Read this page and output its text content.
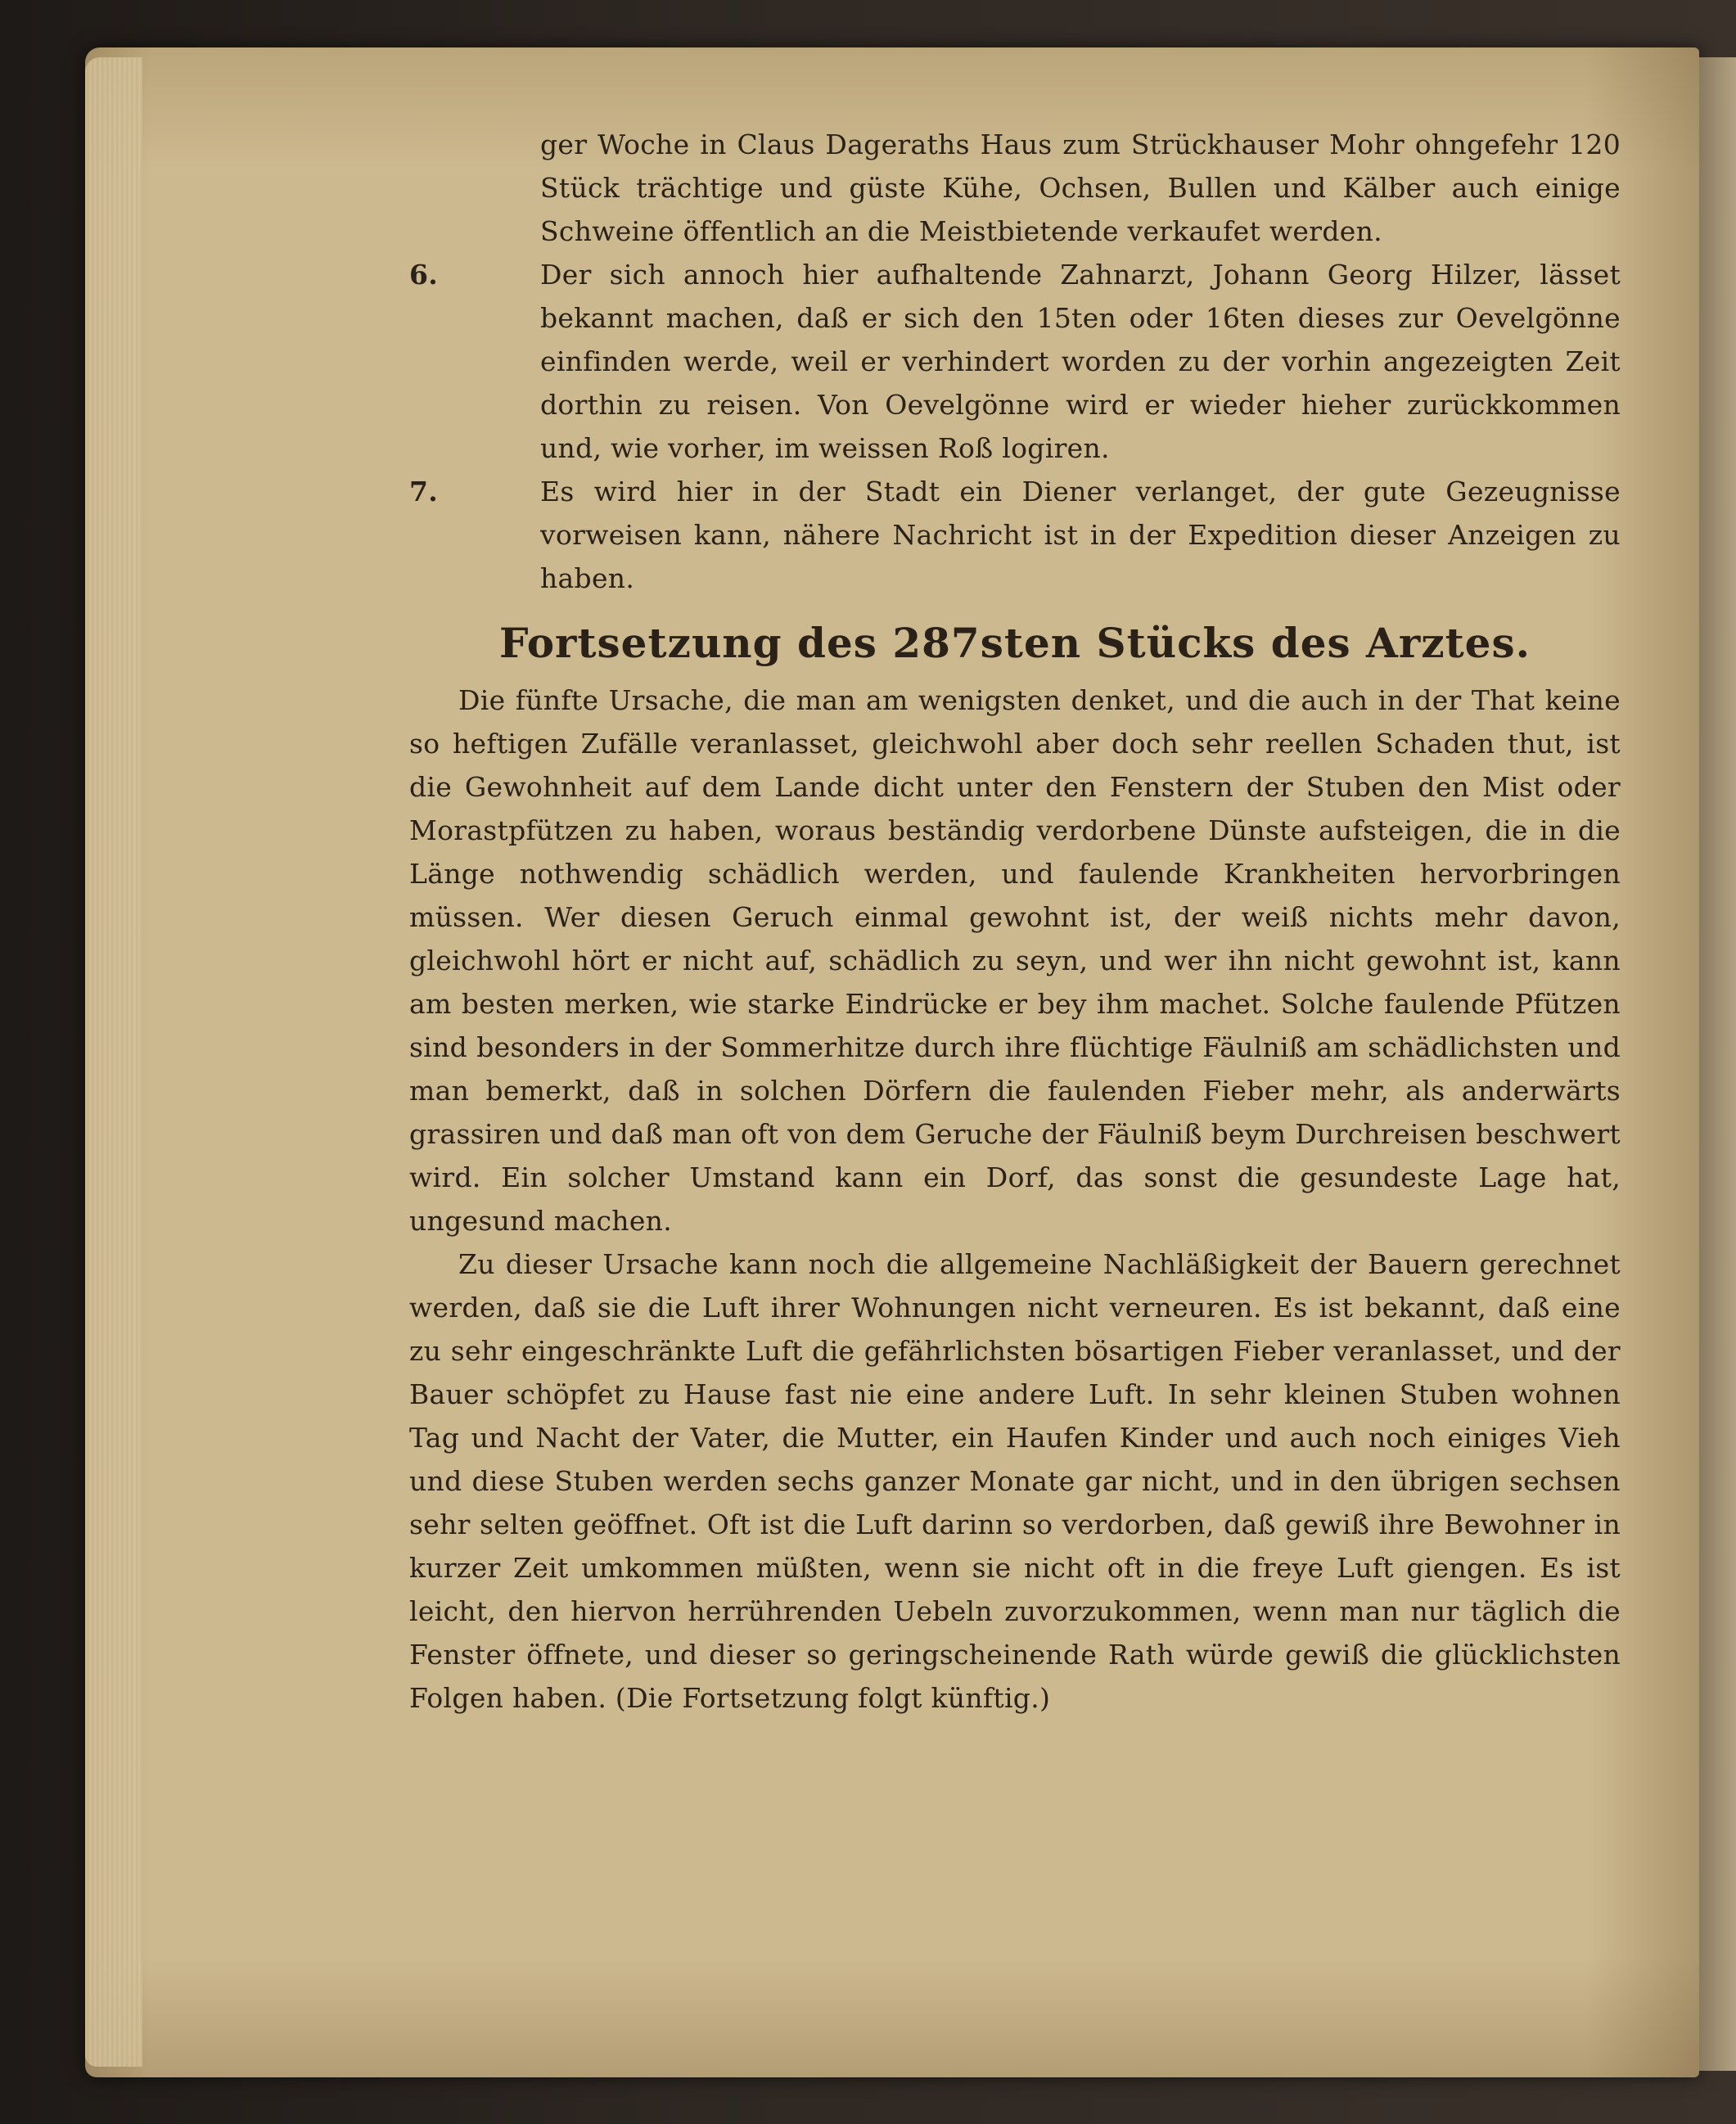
ger Woche in Claus Dageraths Haus zum Strückhauser Mohr ohngefehr 120 Stück trächtige und güste Kühe, Ochsen, Bullen und Kälber auch einige Schweine öffentlich an die Meistbietende verkaufet werden.

6.	Der sich annoch hier aufhaltende Zahnarzt, Johann Georg Hilzer, lässet bekannt machen, daß er sich den 15ten oder 16ten dieses zur Oevelgönne einfinden werde, weil er verhindert worden zu der vorhin angezeigten Zeit dorthin zu reisen. Von Oevelgönne wird er wieder hieher zurückkommen und, wie vorher, im weissen Roß logiren.
7.	Es wird hier in der Stadt ein Diener verlanget, der gute Gezeugnisse vorweisen kann, nähere Nachricht ist in der Expedition dieser Anzeigen zu haben.
Fortsetzung des 287sten Stücks des Arztes.

Die fünfte Ursache, die man am wenigsten denket, und die auch in der That keine so heftigen Zufälle veranlasset, gleichwohl aber doch sehr reellen Schaden thut, ist die Gewohnheit auf dem Lande dicht unter den Fenstern der Stuben den Mist oder Morastpfützen zu haben, woraus beständig verdorbene Dünste aufsteigen, die in die Länge nothwendig schädlich werden, und faulende Krankheiten hervorbringen müssen. Wer diesen Geruch einmal gewohnt ist, der weiß nichts mehr davon, gleichwohl hört er nicht auf, schädlich zu seyn, und wer ihn nicht gewohnt ist, kann am besten merken, wie starke Eindrücke er bey ihm machet. Solche faulende Pfützen sind besonders in der Sommerhitze durch ihre flüchtige Fäulniß am schädlichsten und man bemerkt, daß in solchen Dörfern die faulenden Fieber mehr, als anderwärts grassiren und daß man oft von dem Geruche der Fäulniß beym Durchreisen beschwert wird. Ein solcher Umstand kann ein Dorf, das sonst die gesundeste Lage hat, ungesund machen.

Zu dieser Ursache kann noch die allgemeine Nachläßigkeit der Bauern gerechnet werden, daß sie die Luft ihrer Wohnungen nicht verneuren. Es ist bekannt, daß eine zu sehr eingeschränkte Luft die gefährlichsten bösartigen Fieber veranlasset, und der Bauer schöpfet zu Hause fast nie eine andere Luft. In sehr kleinen Stuben wohnen Tag und Nacht der Vater, die Mutter, ein Haufen Kinder und auch noch einiges Vieh und diese Stuben werden sechs ganzer Monate gar nicht, und in den übrigen sechsen sehr selten geöffnet. Oft ist die Luft darinn so verdorben, daß gewiß ihre Bewohner in kurzer Zeit umkommen müßten, wenn sie nicht oft in die freye Luft giengen. Es ist leicht, den hiervon herrührenden Uebeln zuvorzukommen, wenn man nur täglich die Fenster öffnete, und dieser so geringscheinende Rath würde gewiß die glücklichsten Folgen haben. (Die Fortsetzung folgt künftig.)
